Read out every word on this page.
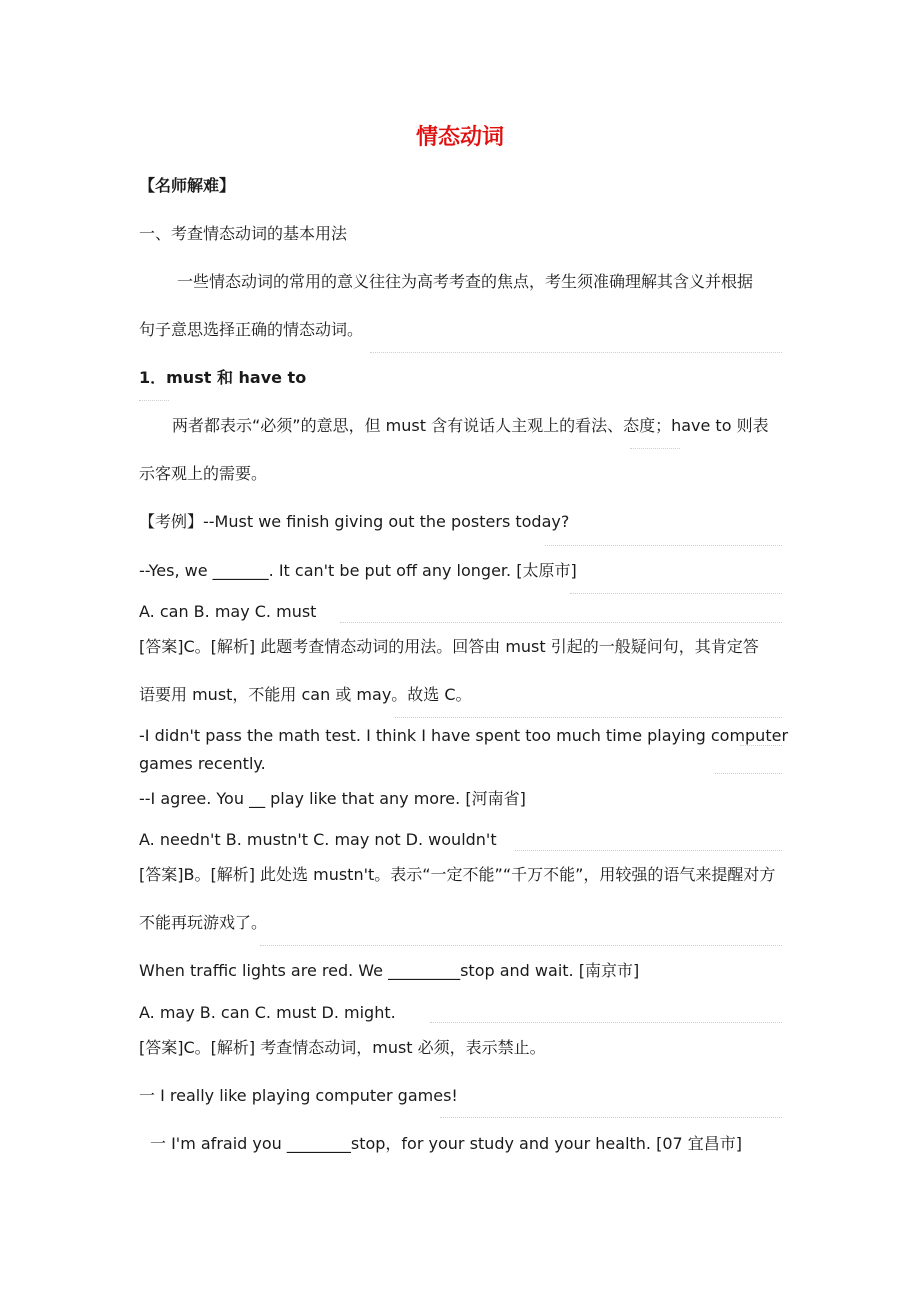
情态动词
【名师解难】
一、考查情态动词的基本用法
一些情态动词的常用的意义往往为高考考查的焦点，考生须准确理解其含义并根据
句子意思选择正确的情态动词。
1．must 和 have to
两者都表示“必须”的意思，但 must 含有说话人主观上的看法、态度；have to 则表
示客观上的需要。
【考例】--Must we finish giving out the posters today?
--Yes, we _______. It can't be put off any longer. [太原市]
A. can B. may C. must
[答案]C。[解析] 此题考查情态动词的用法。回答由 must 引起的一般疑问句，其肯定答
语要用 must，不能用 can 或 may。故选 C。
-I didn't pass the math test. I think I have spent too much time playing computer
games recently.
--I agree. You __ play like that any more. [河南省]
A. needn't B. mustn't C. may not D. wouldn't
[答案]B。[解析] 此处选 mustn't。表示“一定不能”“千万不能”，用较强的语气来提醒对方
不能再玩游戏了。
When traffic lights are red. We _________stop and wait. [南京市]
A. may B. can C. must D. might.
[答案]C。[解析] 考查情态动词，must 必须，表示禁止。
一 I really like playing computer games!
一 I'm afraid you ________stop，for your study and your health. [07 宜昌市]
